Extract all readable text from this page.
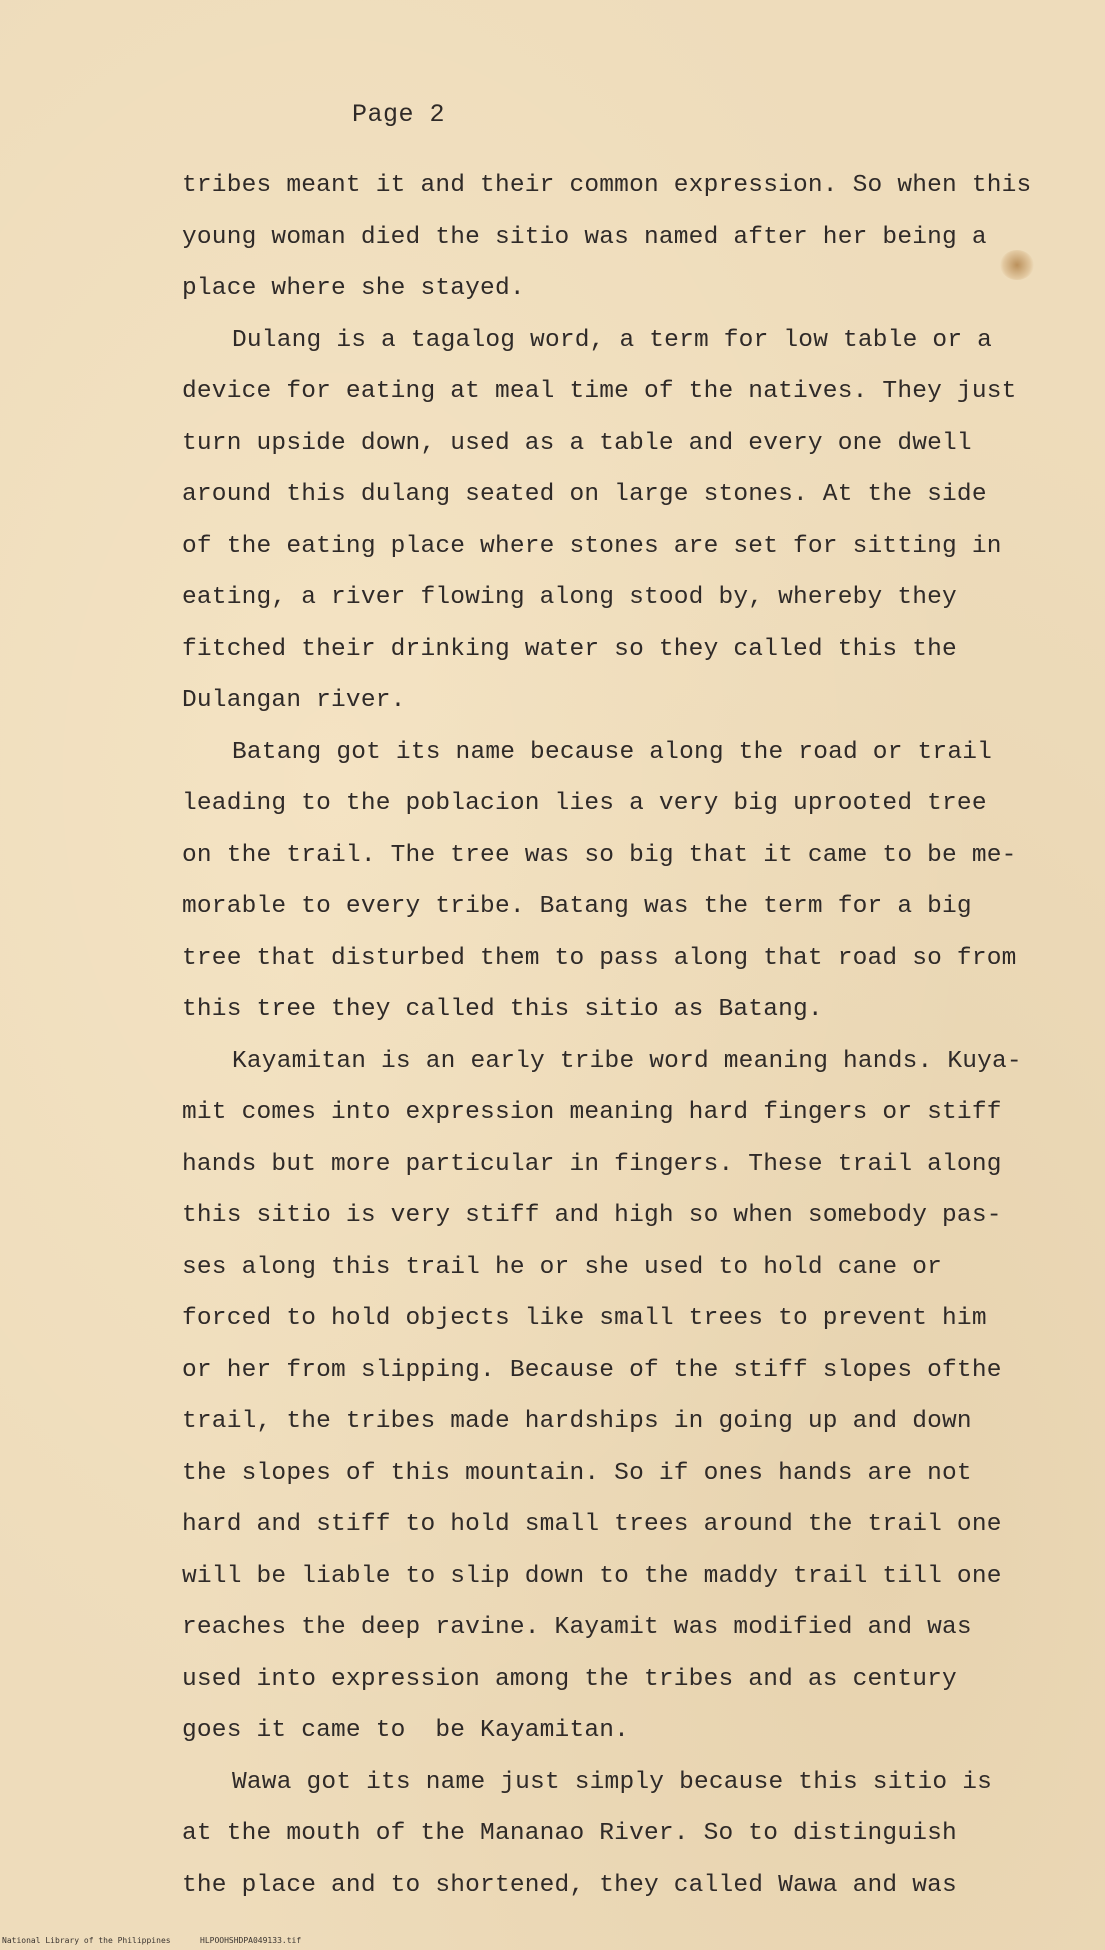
Page 2
tribes meant it and their common expression. So when this
young woman died the sitio was named after her being a
place where she stayed.
Dulang is a tagalog word, a term for low table or a
device for eating at meal time of the natives. They just
turn upside down, used as a table and every one dwell
around this dulang seated on large stones. At the side
of the eating place where stones are set for sitting in
eating, a river flowing along stood by, whereby they
fitched their drinking water so they called this the
Dulangan river.
Batang got its name because along the road or trail
leading to the poblacion lies a very big uprooted tree
on the trail. The tree was so big that it came to be me-
morable to every tribe. Batang was the term for a big
tree that disturbed them to pass along that road so from
this tree they called this sitio as Batang.
Kayamitan is an early tribe word meaning hands. Kuya-
mit comes into expression meaning hard fingers or stiff
hands but more particular in fingers. These trail along
this sitio is very stiff and high so when somebody pas-
ses along this trail he or she used to hold cane or
forced to hold objects like small trees to prevent him
or her from slipping. Because of the stiff slopes ofthe
trail, the tribes made hardships in going up and down
the slopes of this mountain. So if ones hands are not
hard and stiff to hold small trees around the trail one
will be liable to slip down to the maddy trail till one
reaches the deep ravine. Kayamit was modified and was
used into expression among the tribes and as century
goes it came to  be Kayamitan.
Wawa got its name just simply because this sitio is
at the mouth of the Mananao River. So to distinguish
the place and to shortened, they called Wawa and was
National Library of the Philippines	HLPOOHSHDPA049133.tif
